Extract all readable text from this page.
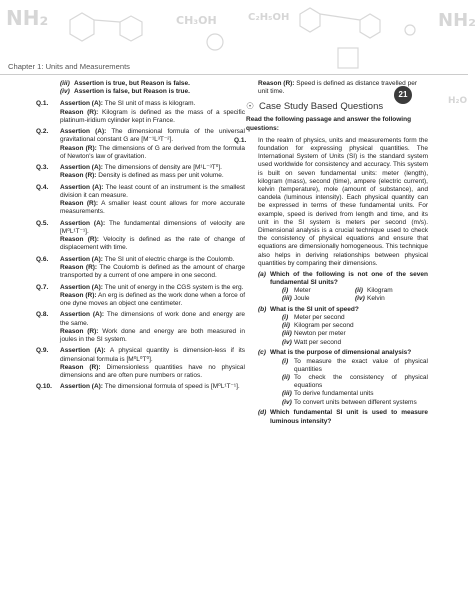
NH₂	CH₃OH	C₂H₅OH	NH₂
H₂O
Chapter 1: Units and Measurements
21
(iii) Assertion is true, but Reason is false.
(iv) Assertion is false, but Reason is true.
Q.1. Assertion (A): The SI unit of mass is kilogram.
Reason (R): Kilogram is defined as the mass of a specific platinum-iridium cylinder kept in France.
Q.2. Assertion (A): The dimensional formula of the universal gravitational constant G are [M⁻¹L³T⁻²].
Reason (R): The dimensions of G are derived from the formula of Newton's law of gravitation.
Q.3. Assertion (A): The dimensions of density are [M¹L⁻³T⁰].
Reason (R): Density is defined as mass per unit volume.
Q.4. Assertion (A): The least count of an instrument is the smallest division it can measure.
Reason (R): A smaller least count allows for more accurate measurements.
Q.5. Assertion (A): The fundamental dimensions of velocity are [M⁰L¹T⁻¹].
Reason (R): Velocity is defined as the rate of change of displacement with time.
Q.6. Assertion (A): The SI unit of electric charge is the Coulomb.
Reason (R): The Coulomb is defined as the amount of charge transported by a current of one ampere in one second.
Q.7. Assertion (A): The unit of energy in the CGS system is the erg.
Reason (R): An erg is defined as the work done when a force of one dyne moves an object one centimeter.
Q.8. Assertion (A): The dimensions of work done and energy are the same.
Reason (R): Work done and energy are both measured in joules in the SI system.
Q.9. Assertion (A): A physical quantity is dimension-less if its dimensional formula is [M⁰L⁰T⁰].
Reason (R): Dimensionless quantities have no physical dimensions and are often pure numbers or ratios.
Q.10. Assertion (A): The dimensional formula of speed is [M⁰L¹T⁻¹].
Reason (R): Speed is defined as distance travelled per unit time.
☉ Case Study Based Questions
Read the following passage and answer the following questions:
Q.1. In the realm of physics, units and measurements form the foundation for expressing physical quantities. The International System of Units (SI) is the standard system used worldwide for consistency and accuracy. This system is built on seven fundamental units: meter (length), kilogram (mass), second (time), ampere (electric current), kelvin (temperature), mole (amount of substance), and candela (luminous intensity). Each physical quantity can be expressed in terms of these fundamental units. For example, speed is derived from length and time, and its unit in the SI system is meters per second (m/s). Dimensional analysis is a crucial technique used to check the consistency of physical equations and ensure that equations are dimensionally homogeneous. This technique also helps in deriving relationships between physical quantities by comparing their dimensions.
(a) Which of the following is not one of the seven fundamental SI units?
(i) Meter	(ii) Kilogram
(iii) Joule	(iv) Kelvin
(b) What is the SI unit of speed?
(i) Meter per second
(ii) Kilogram per second
(iii) Newton per meter
(iv) Watt per second
(c) What is the purpose of dimensional analysis?
(i) To measure the exact value of physical quantities
(ii) To check the consistency of physical equations
(iii) To derive fundamental units
(iv) To convert units between different systems
(d) Which fundamental SI unit is used to measure luminous intensity?
